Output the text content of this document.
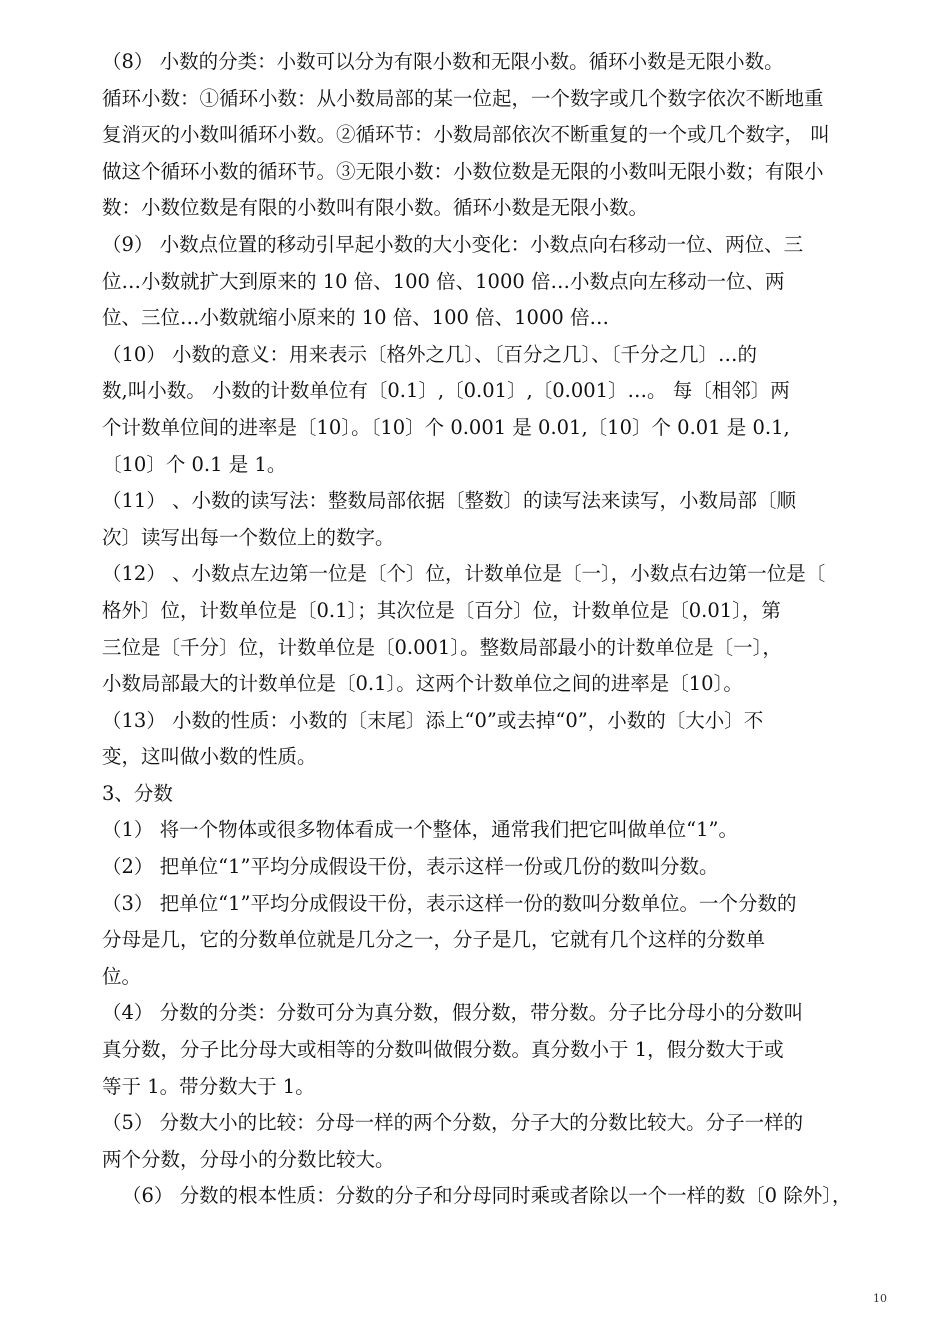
（8） 小数的分类：小数可以分为有限小数和无限小数。循环小数是无限小数。
循环小数：①循环小数：从小数局部的某一位起，一个数字或几个数字依次不断地重
复消灭的小数叫循环小数。②循环节：小数局部依次不断重复的一个或几个数字， 叫
做这个循环小数的循环节。③无限小数：小数位数是无限的小数叫无限小数；有限小
数：小数位数是有限的小数叫有限小数。循环小数是无限小数。

（9） 小数点位置的移动引早起小数的大小变化：小数点向右移动一位、两位、三
位…小数就扩大到原来的 10 倍、100 倍、1000 倍…小数点向左移动一位、两
位、三位…小数就缩小原来的 10 倍、100 倍、1000 倍…

（10） 小数的意义：用来表示〔格外之几〕、〔百分之几〕、〔千分之几〕…的
数,叫小数。 小数的计数单位有〔0.1〕,〔0.01〕,〔0.001〕…。 每〔相邻〕两
个计数单位间的进率是〔10〕。〔10〕个 0.001 是 0.01,〔10〕个 0.01 是 0.1,
〔10〕个 0.1 是 1。

（11） 、小数的读写法：整数局部依据〔整数〕的读写法来读写，小数局部〔顺
次〕读写出每一个数位上的数字。

（12） 、小数点左边第一位是〔个〕位，计数单位是〔一〕，小数点右边第一位是〔
格外〕位，计数单位是〔0.1〕；其次位是〔百分〕位，计数单位是〔0.01〕，第
三位是〔千分〕位，计数单位是〔0.001〕。整数局部最小的计数单位是〔一〕，
小数局部最大的计数单位是〔0.1〕。这两个计数单位之间的进率是〔10〕。

（13） 小数的性质：小数的〔末尾〕添上“0”或去掉“0”，小数的〔大小〕不
变，这叫做小数的性质。

3、分数

（1） 将一个物体或很多物体看成一个整体，通常我们把它叫做单位“1”。

（2） 把单位“1”平均分成假设干份，表示这样一份或几份的数叫分数。

（3） 把单位“1”平均分成假设干份，表示这样一份的数叫分数单位。一个分数的
分母是几，它的分数单位就是几分之一，分子是几，它就有几个这样的分数单
位。

（4） 分数的分类：分数可分为真分数，假分数，带分数。分子比分母小的分数叫
真分数，分子比分母大或相等的分数叫做假分数。真分数小于 1，假分数大于或
等于 1。带分数大于 1。

（5） 分数大小的比较：分母一样的两个分数，分子大的分数比较大。分子一样的
两个分数，分母小的分数比较大。

（6） 分数的根本性质：分数的分子和分母同时乘或者除以一个一样的数〔0 除外〕，

10
